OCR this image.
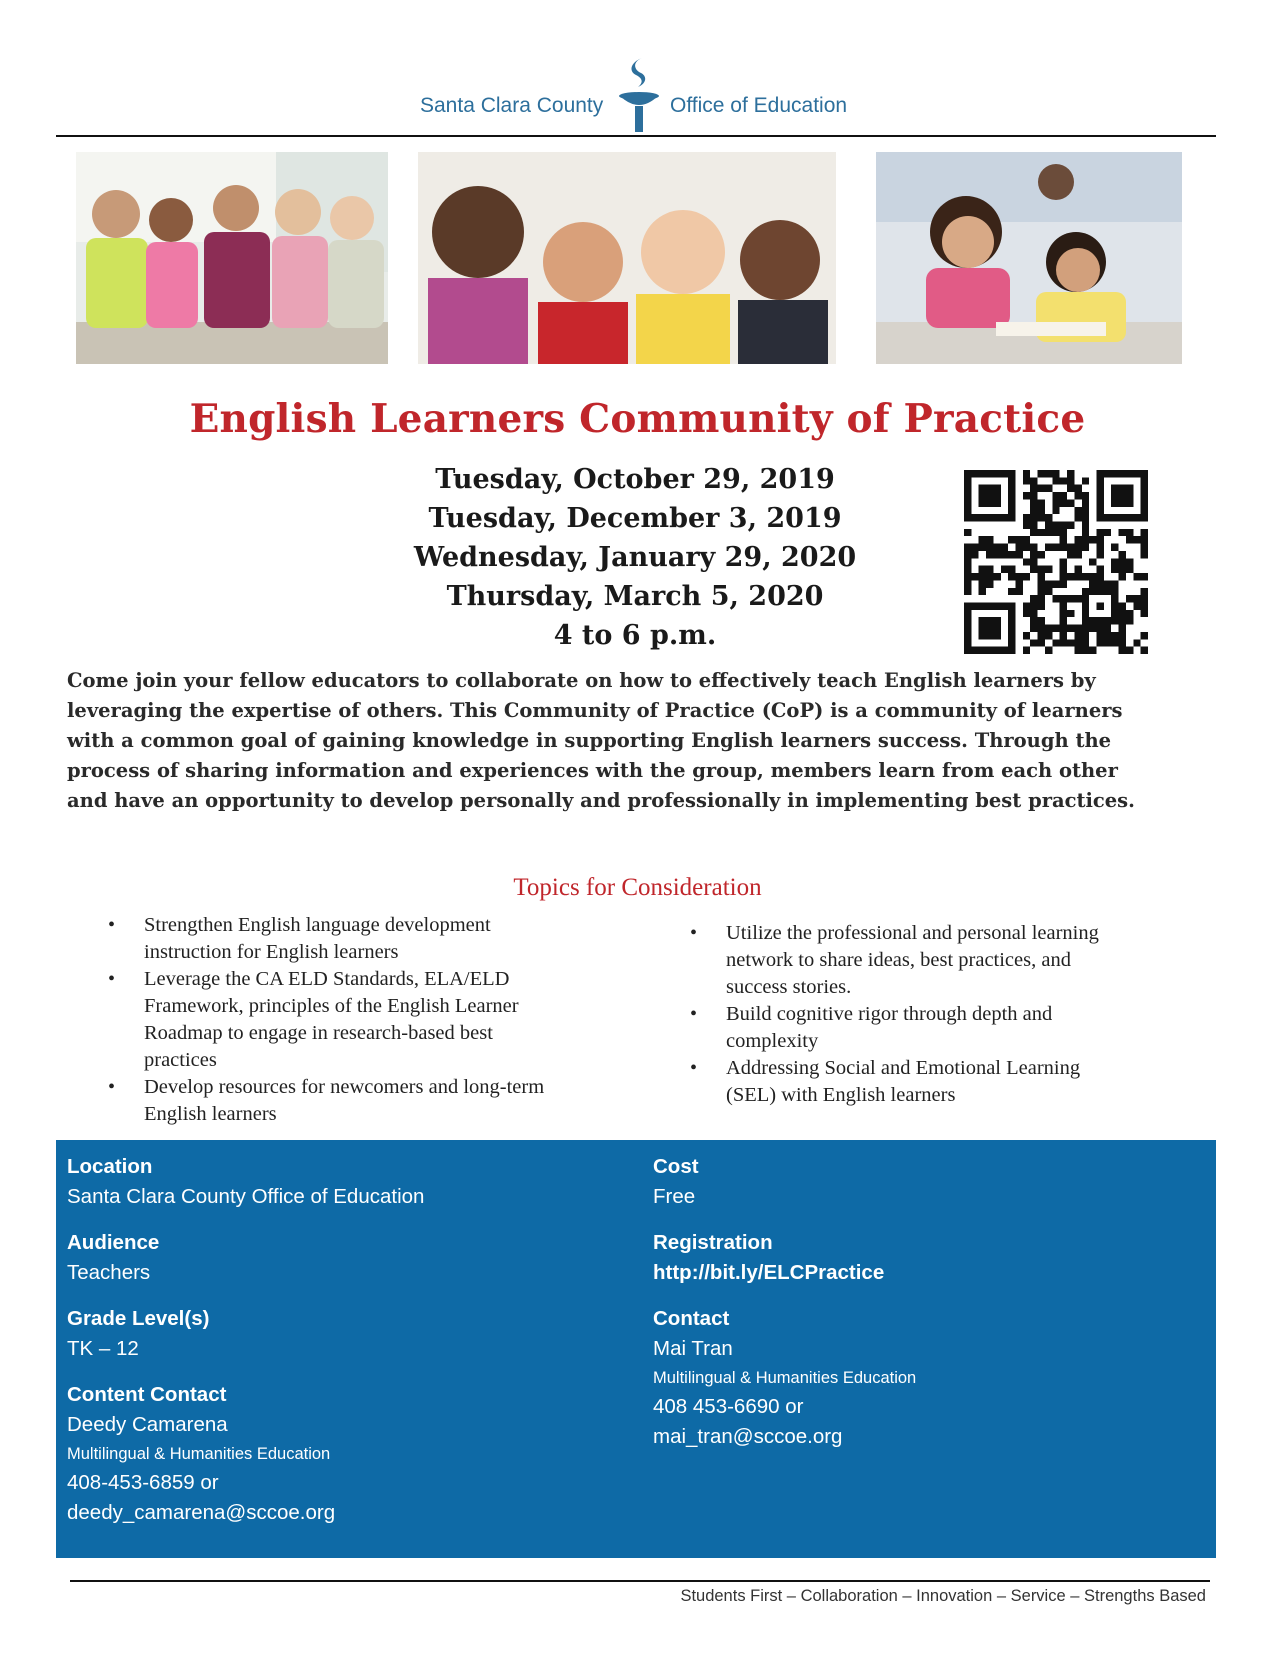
Santa Clara County	Office of Education
English Learners Community of Practice
Tuesday, October 29, 2019
Tuesday, December 3, 2019
Wednesday, January 29, 2020
Thursday, March 5, 2020
4 to 6 p.m.
Come join your fellow educators to collaborate on how to effectively teach English learners by
leveraging the expertise of others. This Community of Practice (CoP) is a community of learners
with a common goal of gaining knowledge in supporting English learners success. Through the
process of sharing information and experiences with the group, members learn from each other
and have an opportunity to develop personally and professionally in implementing best practices.
Topics for Consideration
• Strengthen English language development
instruction for English learners
• Leverage the CA ELD Standards, ELA/ELD
Framework, principles of the English Learner
Roadmap to engage in research-based best
practices
• Develop resources for newcomers and long-term
English learners
• Utilize the professional and personal learning
network to share ideas, best practices, and
success stories.
• Build cognitive rigor through depth and
complexity
• Addressing Social and Emotional Learning
(SEL) with English learners
Location
Santa Clara County Office of Education
Audience
Teachers
Grade Level(s)
TK – 12
Content Contact
Deedy Camarena
Multilingual & Humanities Education
408-453-6859 or
deedy_camarena@sccoe.org
Cost
Free
Registration
http://bit.ly/ELCPractice
Contact
Mai Tran
Multilingual & Humanities Education
408 453-6690 or
mai_tran@sccoe.org
Students First – Collaboration – Innovation – Service – Strengths Based
